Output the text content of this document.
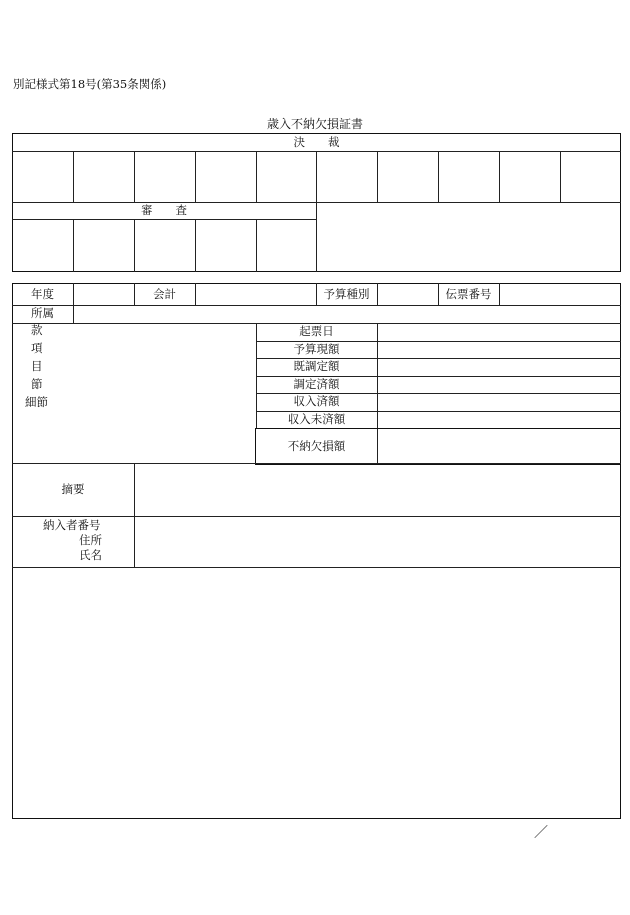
別記様式第18号(第35条関係)
歳入不納欠損証書
決　　裁
審　　査
年度	会計	予算種別	伝票番号
所属
款
項
目
節
細節
起票日
予算現額
既調定額
調定済額
収入済額
収入未済額
不納欠損額
摘要
納入者番号
住所
氏名
／
